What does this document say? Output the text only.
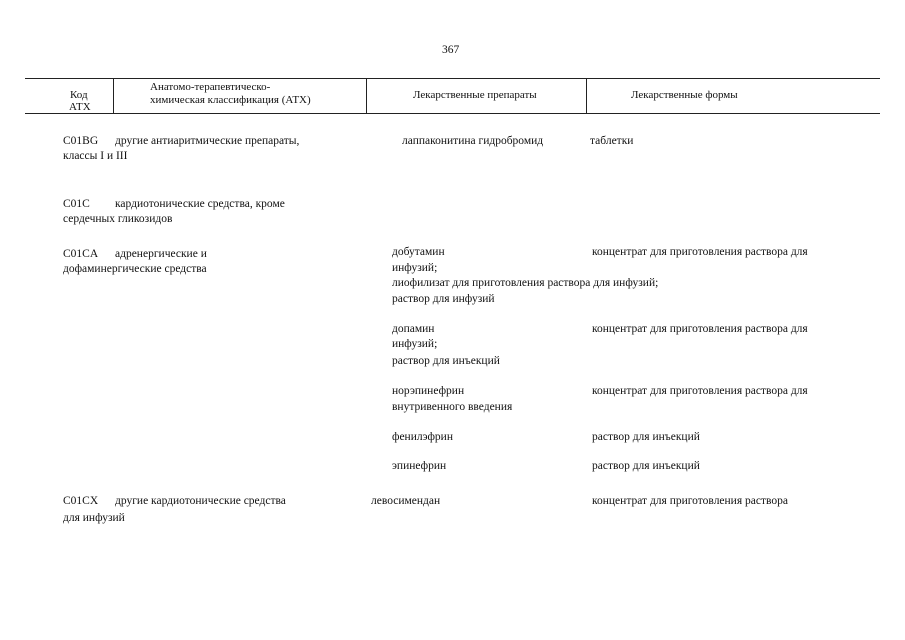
367
Код
АТХ
Анатомо-терапевтическо-
химическая классификация (АТХ)	Лекарственные препараты	Лекарственные формы
C01BG другие антиаритмические препараты,
классы I и III
лаппаконитина гидробромид	таблетки
C01C кардиотонические средства, кроме
сердечных гликозидов
C01CA адренергические и
дофаминергические средства
добутамин	концентрат для приготовления раствора для
инфузий;
лиофилизат для приготовления раствора для инфузий;
раствор для инфузий
допамин	концентрат для приготовления раствора для
инфузий;
раствор для инъекций
норэпинефрин	концентрат для приготовления раствора для
внутривенного введения
фенилэфрин	раствор для инъекций
эпинефрин	раствор для инъекций
C01CX другие кардиотонические средства	левосимендан	концентрат для приготовления раствора
для инфузий
